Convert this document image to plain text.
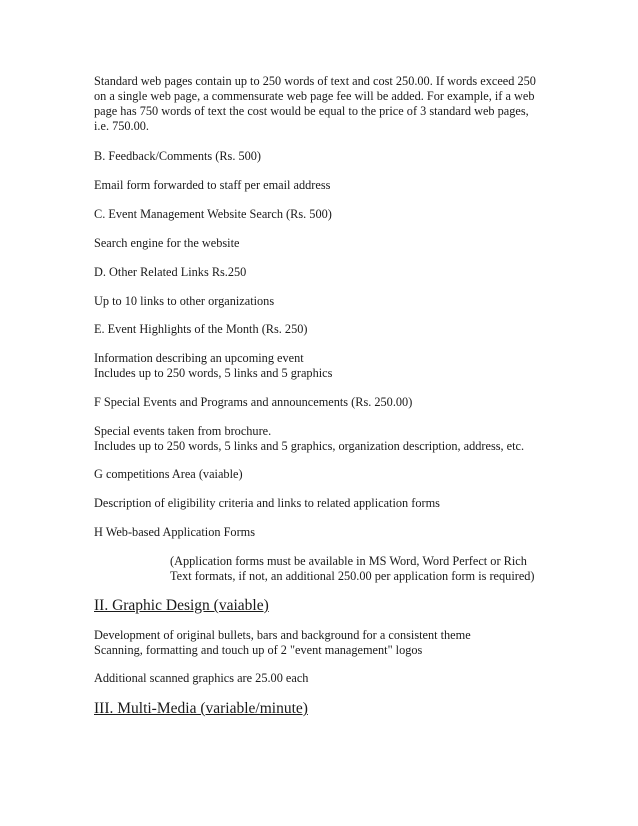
Standard web pages contain up to 250 words of text and cost 250.00. If words exceed 250
on a single web page, a commensurate web page fee will be added. For example, if a web
page has 750 words of text the cost would be equal to the price of 3 standard web pages,
i.e. 750.00.
B. Feedback/Comments (Rs. 500)
Email form forwarded to staff per email address
C. Event Management Website Search (Rs. 500)
Search engine for the website
D. Other Related Links Rs.250
Up to 10 links to other organizations
E. Event Highlights of the Month (Rs. 250)
Information describing an upcoming event
Includes up to 250 words, 5 links and 5 graphics
F Special Events and Programs and announcements (Rs. 250.00)
Special events taken from brochure.
Includes up to 250 words, 5 links and 5 graphics, organization description, address, etc.
G competitions Area (vaiable)
Description of eligibility criteria and links to related application forms
H Web-based Application Forms
(Application forms must be available in MS Word, Word Perfect or Rich
Text formats, if not, an additional 250.00 per application form is required)
II. Graphic Design (vaiable)
Development of original bullets, bars and background for a consistent theme
Scanning, formatting and touch up of 2 "event management" logos
Additional scanned graphics are 25.00 each
III. Multi-Media (variable/minute)
